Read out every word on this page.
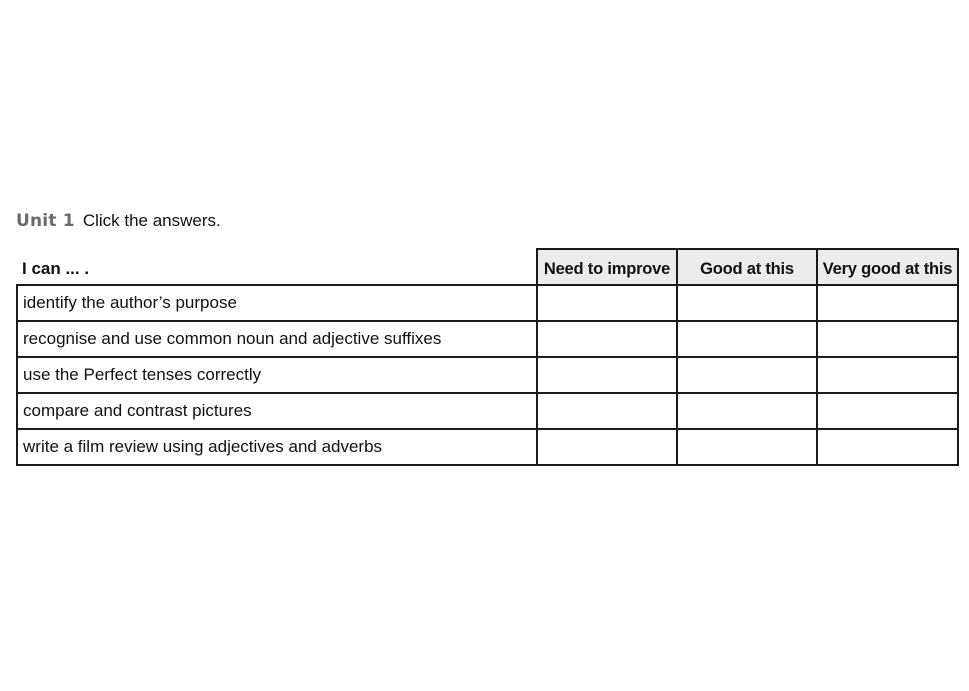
Unit 1 Click the answers.
I can ... .	Need to improve	Good at this	Very good at this
identify the author’s purpose			
recognise and use common noun and adjective suffixes			
use the Perfect tenses correctly			
compare and contrast pictures			
write a film review using adjectives and adverbs			
